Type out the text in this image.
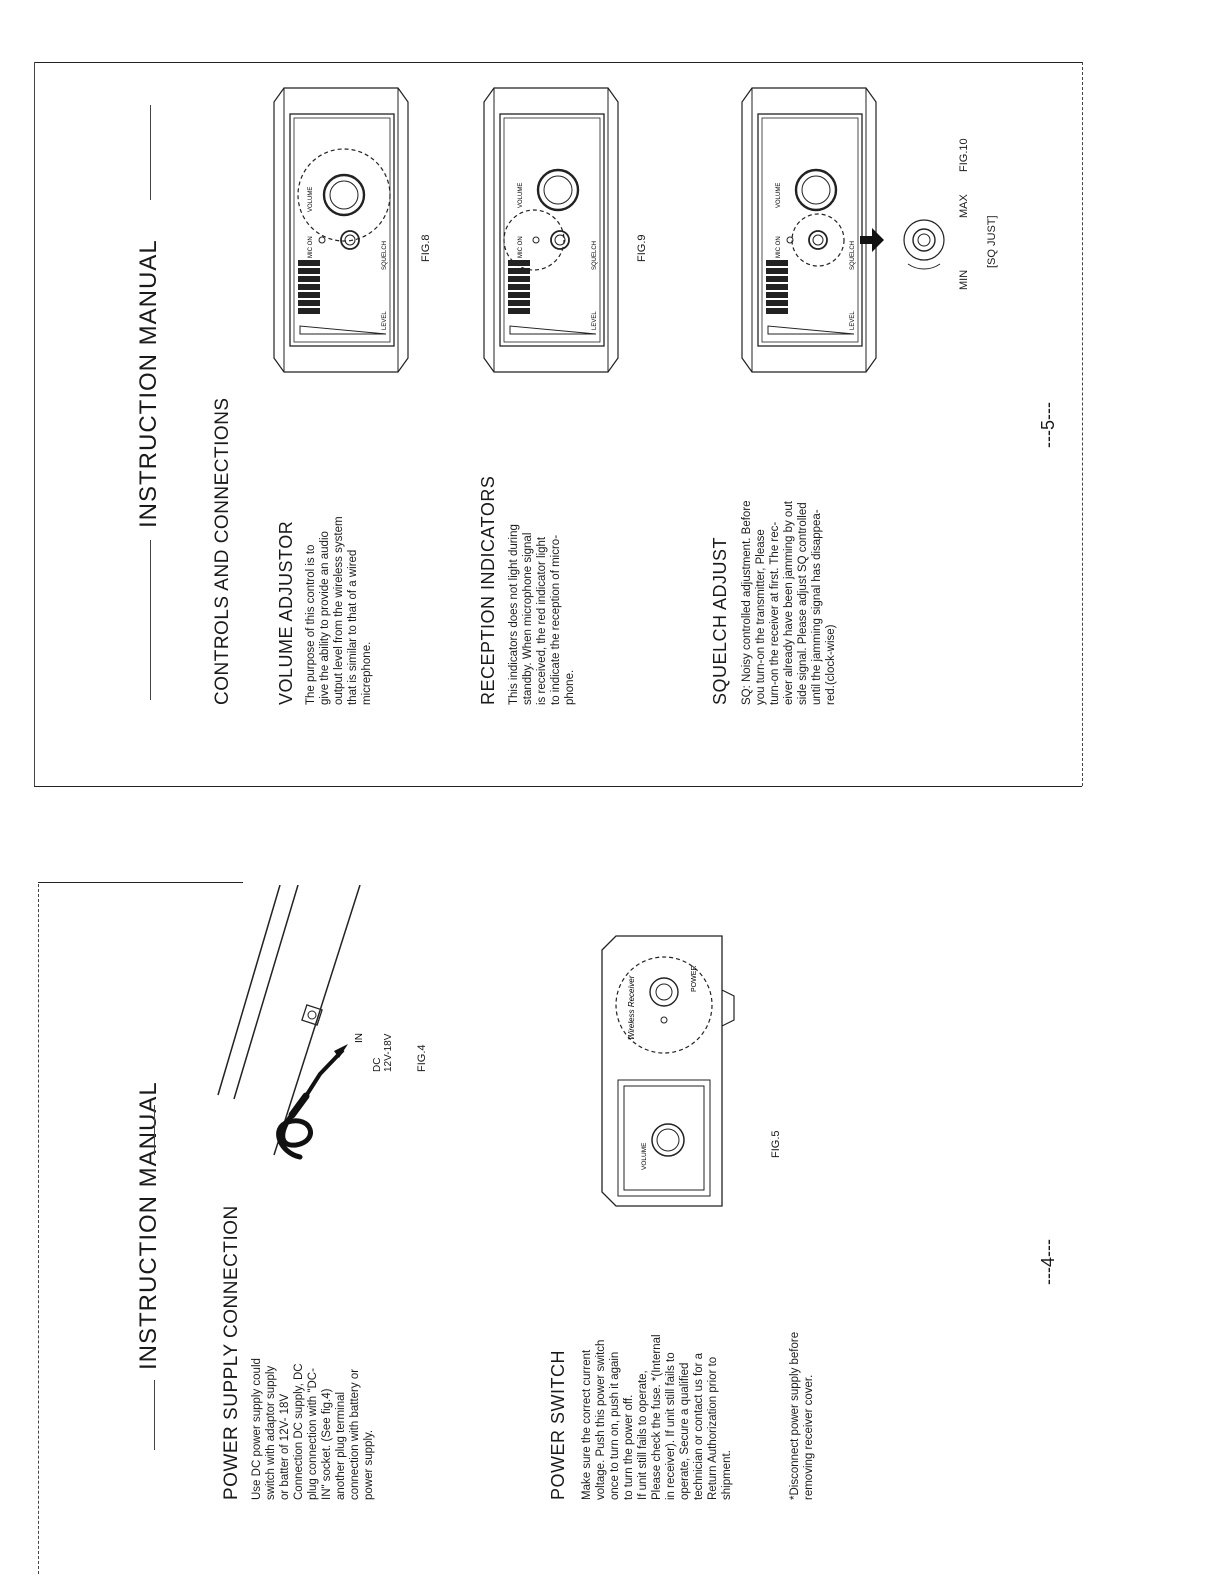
INSTRUCTION MANUAL	POWER SUPPLY CONNECTION Use DC power supply could
switch with adaptor supply
or batter of 12V- 18V
Connection DC supply, DC
plug connection with "DC-
IN" socket. (See fig.4)
another plug terminal
connection with battery or
power supply.
IN
DC
12V-18V FIG.4
VOLUME
POWER
Wireless Receiver
FIG.5
POWER SWITCH Make sure the correct current
voltage. Push this power switch
once to turn on, push it again
to turn the power off.
If unit still fails to operate,
Please check the fuse. *(Internal
in receiver). If unit still fails to
operate, Secure a qualified
technician or contact us for a
Return Authorization prior to
shipment.	*Disconnect power supply before
removing receiver cover.
---4---
INSTRUCTION MANUAL
CONTROLS AND CONNECTIONS VOLUME ADJUSTOR The purpose of this control is to
give the ability to provide an audio
output level from the wireless system
that is similar to that of a wired
micrephone.	RECEPTION INDICATORS This indicators does not light during
standby. When microphone signal
is received, the red indicator light
to indicate the reception of micro-
phone.	SQUELCH ADJUST SQ: Noisy controlled adjustment. Before
you turn-on the transmitter, Please
turn-on the receiver at first. The rec-
eiver already have been jamming by out
side signal. Please adjust SQ controlled
until the jamming signal has disappea-
red.(clock-wise)
LEVEL
SQUELCH
MIC ON
VOLUME
FIG.8
LEVEL
SQUELCH
MIC ON
VOLUME
FIG.9
LEVEL
SQUELCH
MIC ON
VOLUME
MIN
MAX
FIG.10
[SQ JUST]
---5---
